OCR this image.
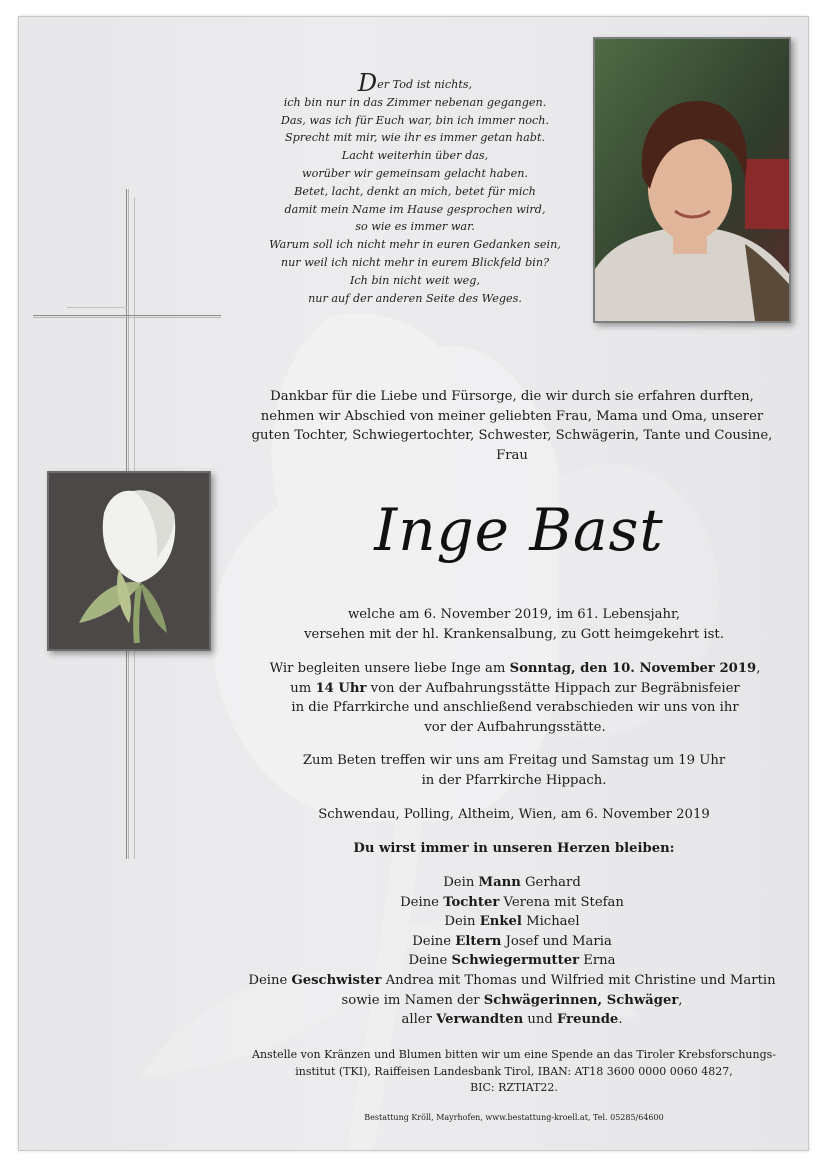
Der Tod ist nichts,
ich bin nur in das Zimmer nebenan gegangen.
Das, was ich für Euch war, bin ich immer noch.
Sprecht mit mir, wie ihr es immer getan habt.
Lacht weiterhin über das,
worüber wir gemeinsam gelacht haben.
Betet, lacht, denkt an mich, betet für mich
damit mein Name im Hause gesprochen wird,
so wie es immer war.
Warum soll ich nicht mehr in euren Gedanken sein,
nur weil ich nicht mehr in eurem Blickfeld bin?
Ich bin nicht weit weg,
nur auf der anderen Seite des Weges.
Dankbar für die Liebe und Fürsorge, die wir durch sie erfahren durften,
nehmen wir Abschied von meiner geliebten Frau, Mama und Oma, unserer
guten Tochter, Schwiegertochter, Schwester, Schwägerin, Tante und Cousine,
Frau
Inge Bast
welche am 6. November 2019, im 61. Lebensjahr,
versehen mit der hl. Krankensalbung, zu Gott heimgekehrt ist.
Wir begleiten unsere liebe Inge am Sonntag, den 10. November 2019,
um 14 Uhr von der Aufbahrungsstätte Hippach zur Begräbnisfeier
in die Pfarrkirche und anschließend verabschieden wir uns von ihr
vor der Aufbahrungsstätte.
Zum Beten treffen wir uns am Freitag und Samstag um 19 Uhr
in der Pfarrkirche Hippach.
Schwendau, Polling, Altheim, Wien, am 6. November 2019
Du wirst immer in unseren Herzen bleiben:
Dein Mann Gerhard
Deine Tochter Verena mit Stefan
Dein Enkel Michael
Deine Eltern Josef und Maria
Deine Schwiegermutter Erna
Deine Geschwister Andrea mit Thomas und Wilfried mit Christine und Martin
sowie im Namen der Schwägerinnen, Schwäger,
aller Verwandten und Freunde.
Anstelle von Kränzen und Blumen bitten wir um eine Spende an das Tiroler Krebsforschungs-
institut (TKI), Raiffeisen Landesbank Tirol, IBAN: AT18 3600 0000 0060 4827,
BIC: RZTIAT22.
Bestattung Kröll, Mayrhofen, www.bestattung-kroell.at, Tel. 05285/64600
